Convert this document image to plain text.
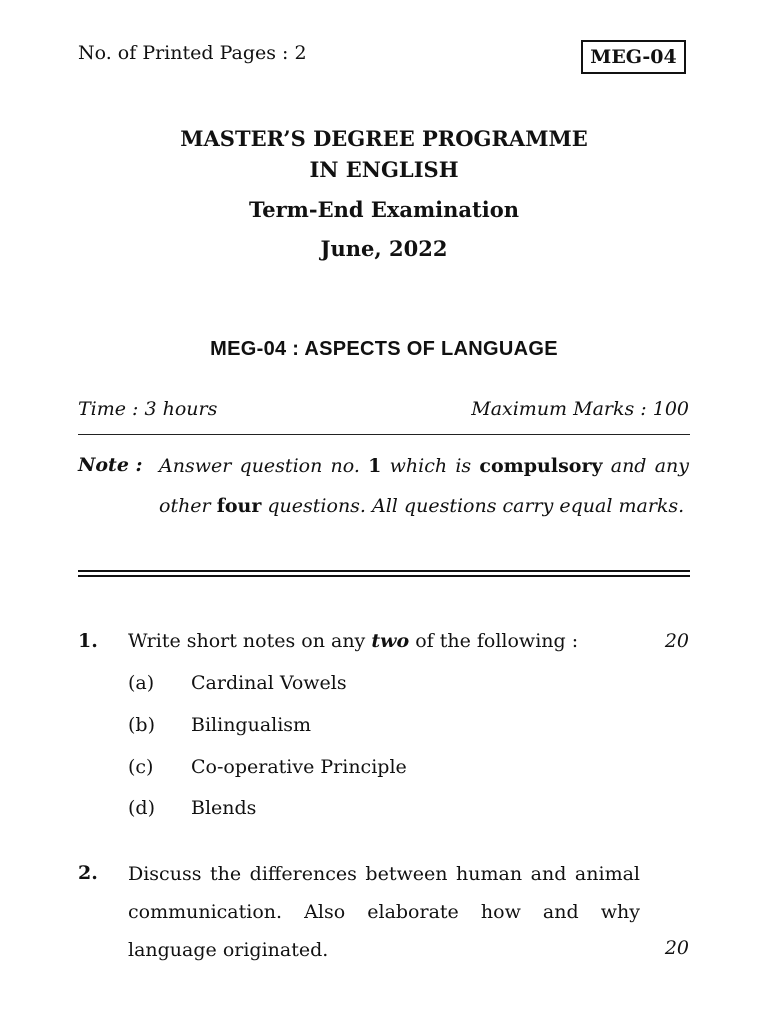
No. of Printed Pages : 2	MEG-04
MASTER’S DEGREE PROGRAMME
IN ENGLISH
Term-End Examination
June, 2022
MEG-04 : ASPECTS OF LANGUAGE
Time : 3 hours	Maximum Marks : 100
Note : Answer question no. 1 which is compulsory and any other four questions. All questions carry equal marks.
1. Write short notes on any two of the following :	20
(a) Cardinal Vowels
(b) Bilingualism
(c) Co-operative Principle
(d) Blends
2. Discuss the differences between human and animal communication. Also elaborate how and why language originated.	20
